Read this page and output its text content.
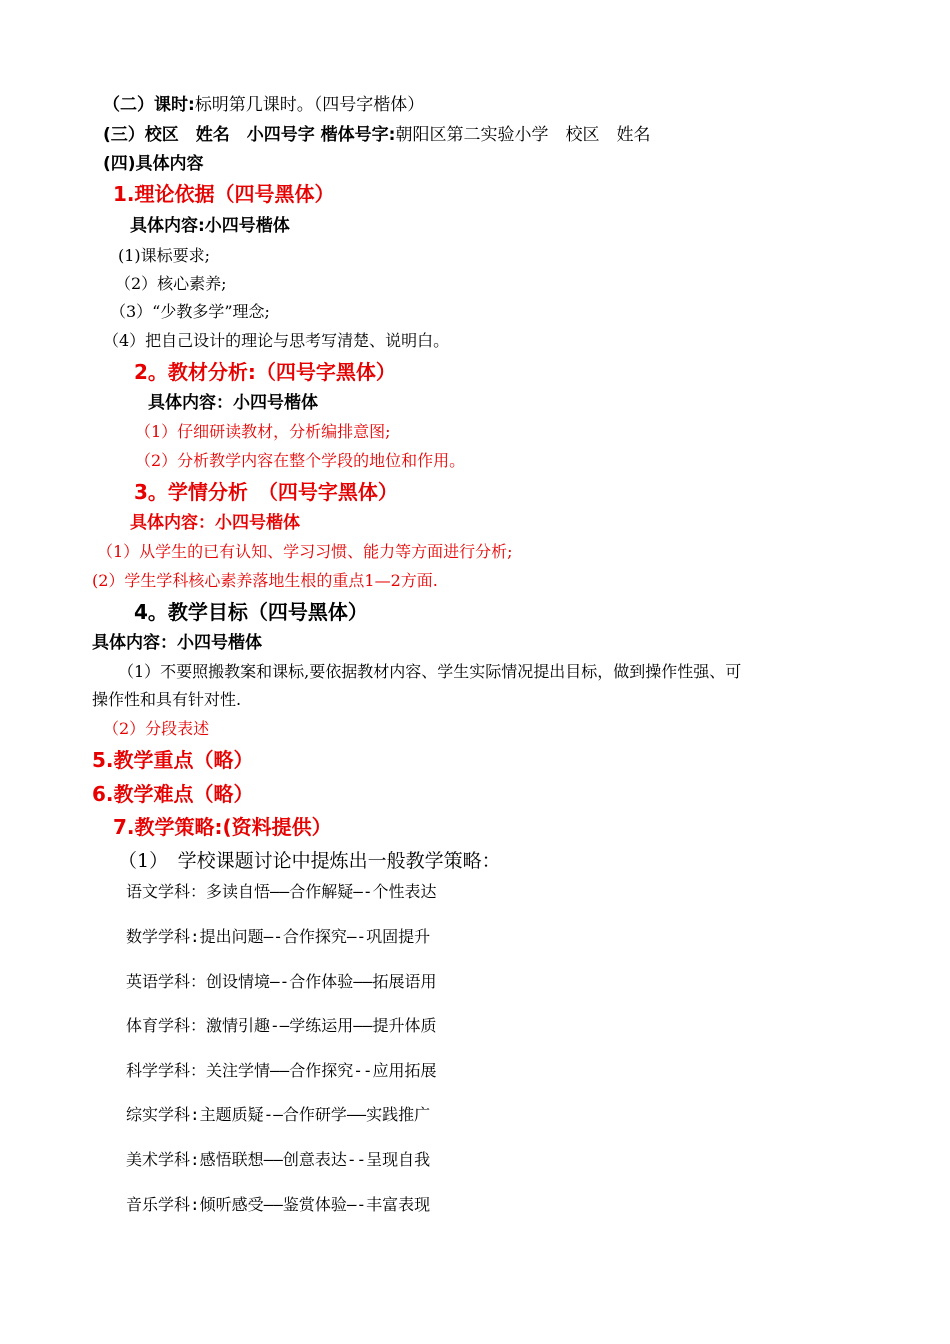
（二）课时:标明第几课时。（四号字楷体）
(三）校区　姓名　小四号字 楷体号字:朝阳区第二实验小学　校区　姓名
(四)具体内容
1.理论依据（四号黑体）
具体内容:小四号楷体
(1)课标要求;
（2）核心素养;
（3）“少教多学”理念;
（4）把自己设计的理论与思考写清楚、说明白。
2。教材分析:（四号字黑体）
具体内容：小四号楷体
（1）仔细研读教材，分析编排意图;
（2）分析教学内容在整个学段的地位和作用。
3。学情分析　（四号字黑体）
具体内容：小四号楷体
（1）从学生的已有认知、学习习惯、能力等方面进行分析;
(2）学生学科核心素养落地生根的重点1—2方面.
4。教学目标（四号黑体）
具体内容：小四号楷体
（1）不要照搬教案和课标,要依据教材内容、学生实际情况提出目标，做到操作性强、可
操作性和具有针对性.
（2）分段表述
5.教学重点（略）
6.教学难点（略）
7.教学策略:(资料提供）
（1）　学校课题讨论中提炼出一般教学策略：
语文学科：多读自悟——合作解疑—-个性表达
数学学科:提出问题—-合作探究—-巩固提升
英语学科：创设情境—-合作体验——拓展语用
体育学科：激情引趣-—学练运用——提升体质
科学学科：关注学情——合作探究--应用拓展
综实学科:主题质疑-—合作研学——实践推广
美术学科:感悟联想——创意表达--呈现自我
音乐学科:倾听感受——鉴赏体验—-丰富表现
